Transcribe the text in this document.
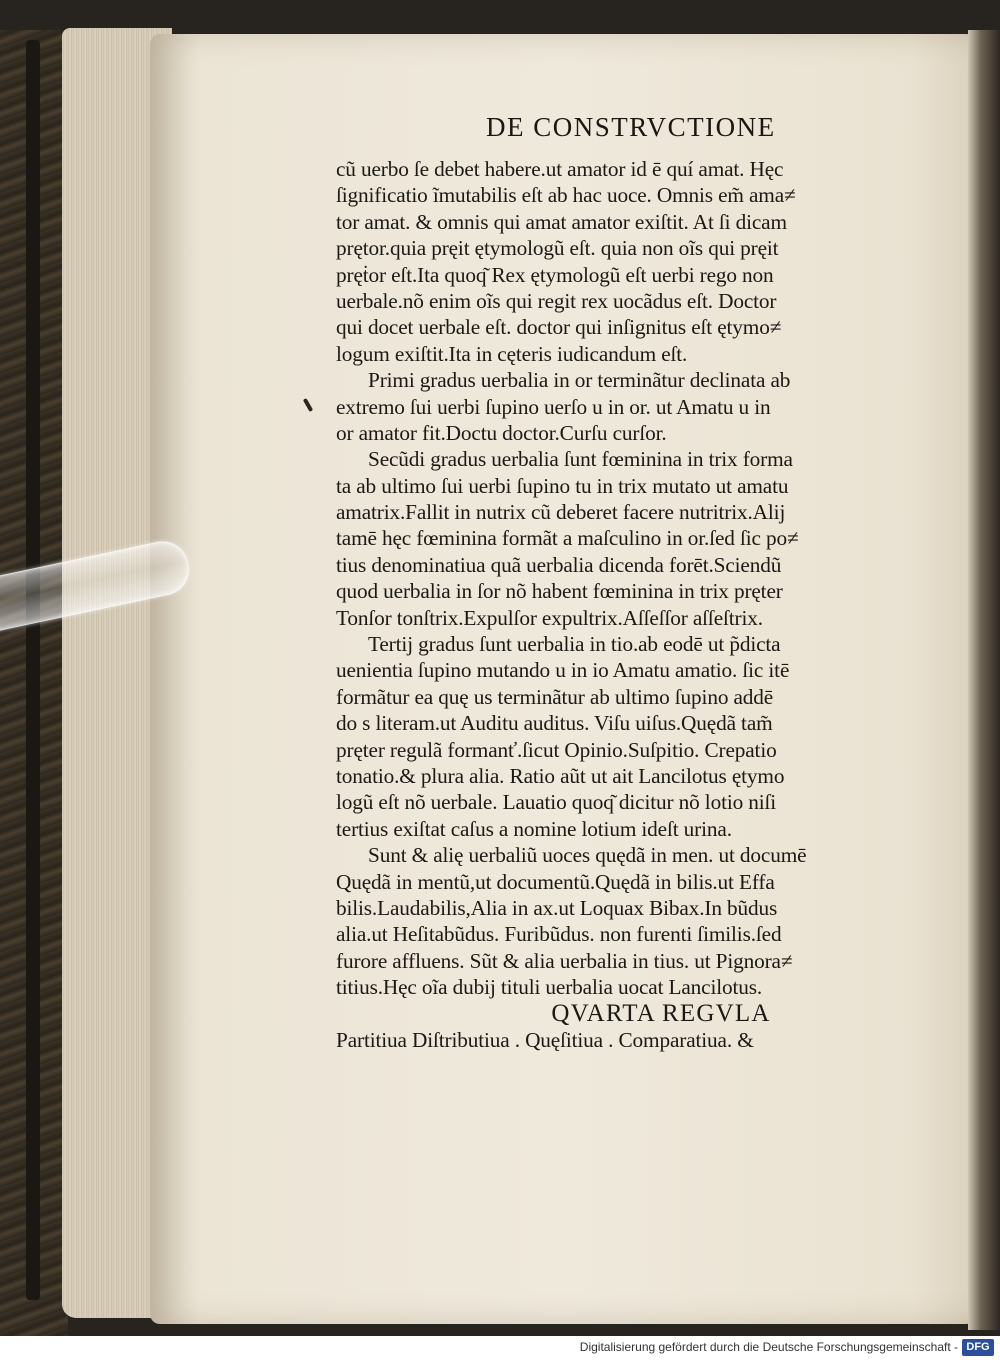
DE CONSTRVCTIONE
cũ uerbo ſe debet habere.ut amator id ē quí amat. Hęc
ſignificatio ĩmutabilis eſt ab hac uoce. Omnis em̃ ama≠
tor amat. & omnis qui amat amator exiſtit. At ſi dicam
prętor.quia pręit ętymologũ eſt. quia non oĩs qui pręit
pręṫor eſt.Ita quoq͂ Rex ętymologũ eſt uerbi rego non
uerbale.nõ enim oĩs qui regit rex uocãdus eſt. Doctor
qui docet uerbale eſt. doctor qui inſignitus eſt ętymo≠
logum exiſtit.Ita in cęteris iudicandum eſt.
Primi gradus uerbalia in or terminãtur declinata ab
extremo ſui uerbi ſupino uerſo u in or. ut Amatu u in
or amator fit.Doctu doctor.Curſu curſor.
Secũdi gradus uerbalia ſunt fœminina in trix forma
ta ab ultimo ſui uerbi ſupino tu in trix mutato ut amatu
amatrix.Fallit in nutrix cũ deberet facere nutritrix.Alĳ
tamē hęc fœminina formãt a maſculino in or.ſed ſic po≠
tius denominatiua quã uerbalia dicenda forēt.Sciendũ
quod uerbalia in ſor nõ habent fœminina in trix pręter
Tonſor tonſtrix.Expulſor expultrix.Aſſeſſor aſſeſtrix.
Tertĳ gradus ſunt uerbalia in tio.ab eodē ut p̃dicta
uenientia ſupino mutando u in io Amatu amatio. ſic itē
formãtur ea quę us terminãtur ab ultimo ſupino addē
do s literam.ut Auditu auditus. Viſu uiſus.Quędã tam̃
pręter regulã formanť.ſicut Opinio.Suſpitio. Crepatio
tonatio.& plura alia. Ratio aũt ut ait Lancilotus ętymo
logũ eſt nõ uerbale. Lauatio quoq͂ dicitur nõ lotio niſi
tertius exiſtat caſus a nomine lotium ideſt urina.
Sunt & alię uerbaliũ uoces quędã in men. ut documē
Quędã in mentũ,ut documentũ.Quędã in bilis.ut Effa
bilis.Laudabilis,Alia in ax.ut Loquax Bibax.In bũdus
alia.ut Heſitabũdus. Furibũdus. non furenti ſimilis.ſed
furore affluens. Sũt & alia uerbalia in tius. ut Pignora≠
titius.Hęc oĩa dubĳ tituli uerbalia uocat Lancilotus.
QVARTA REGVLA
Partitiua Diſtributiua . Quęſitiua . Comparatiua. &
Digitalisierung gefördert durch die Deutsche Forschungsgemeinschaft - DFG
